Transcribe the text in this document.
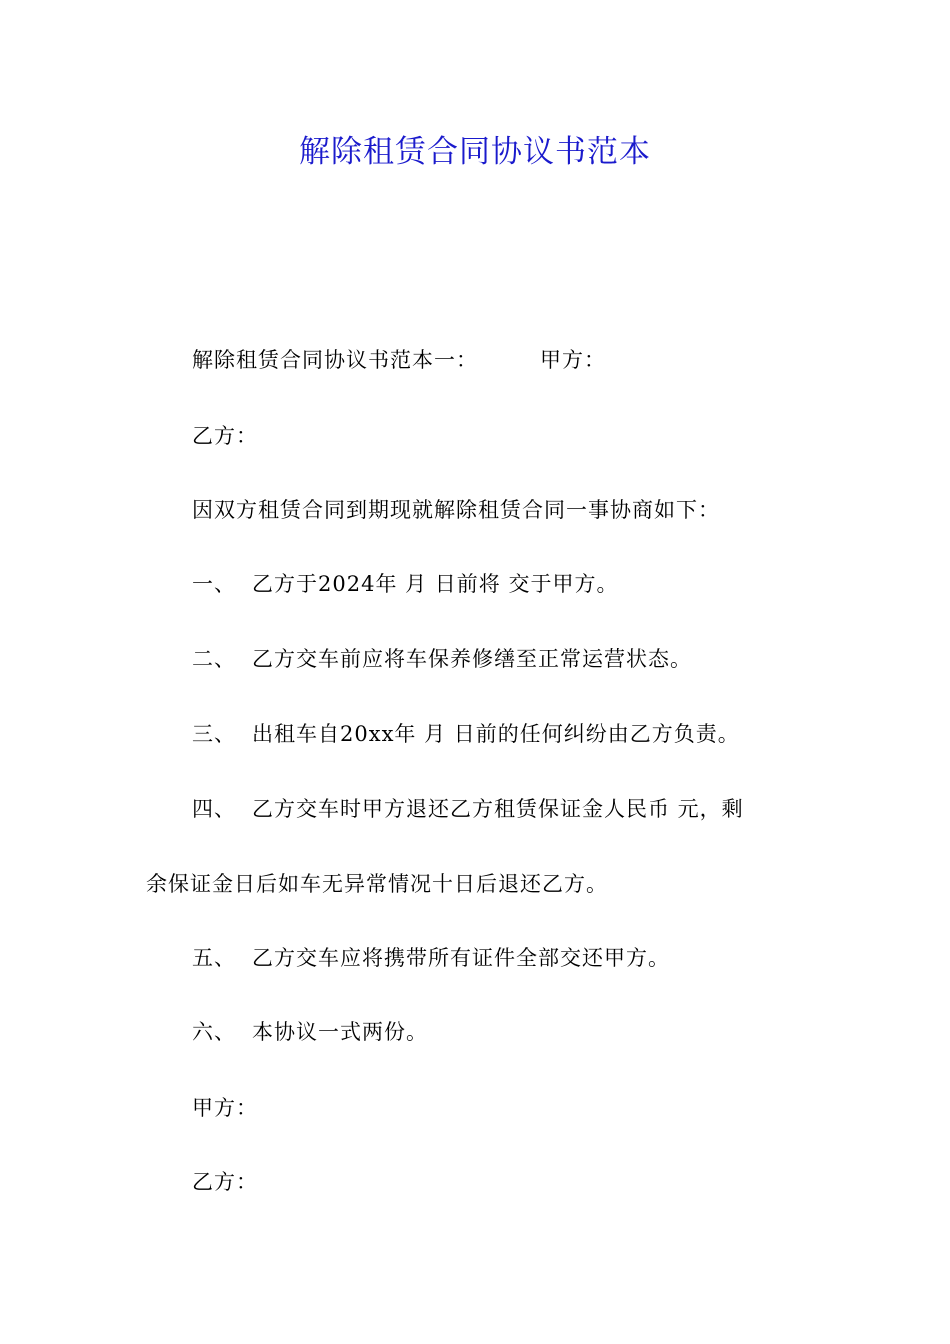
解除租赁合同协议书范本
解除租赁合同协议书范本一：	甲方：
乙方：
因双方租赁合同到期现就解除租赁合同一事协商如下：
一、 乙方于2024年 月 日前将 交于甲方。
二、 乙方交车前应将车保养修缮至正常运营状态。
三、 出租车自20xx年 月 日前的任何纠纷由乙方负责。
四、 乙方交车时甲方退还乙方租赁保证金人民币 元，剩
余保证金日后如车无异常情况十日后退还乙方。
五、 乙方交车应将携带所有证件全部交还甲方。
六、 本协议一式两份。
甲方：
乙方：
